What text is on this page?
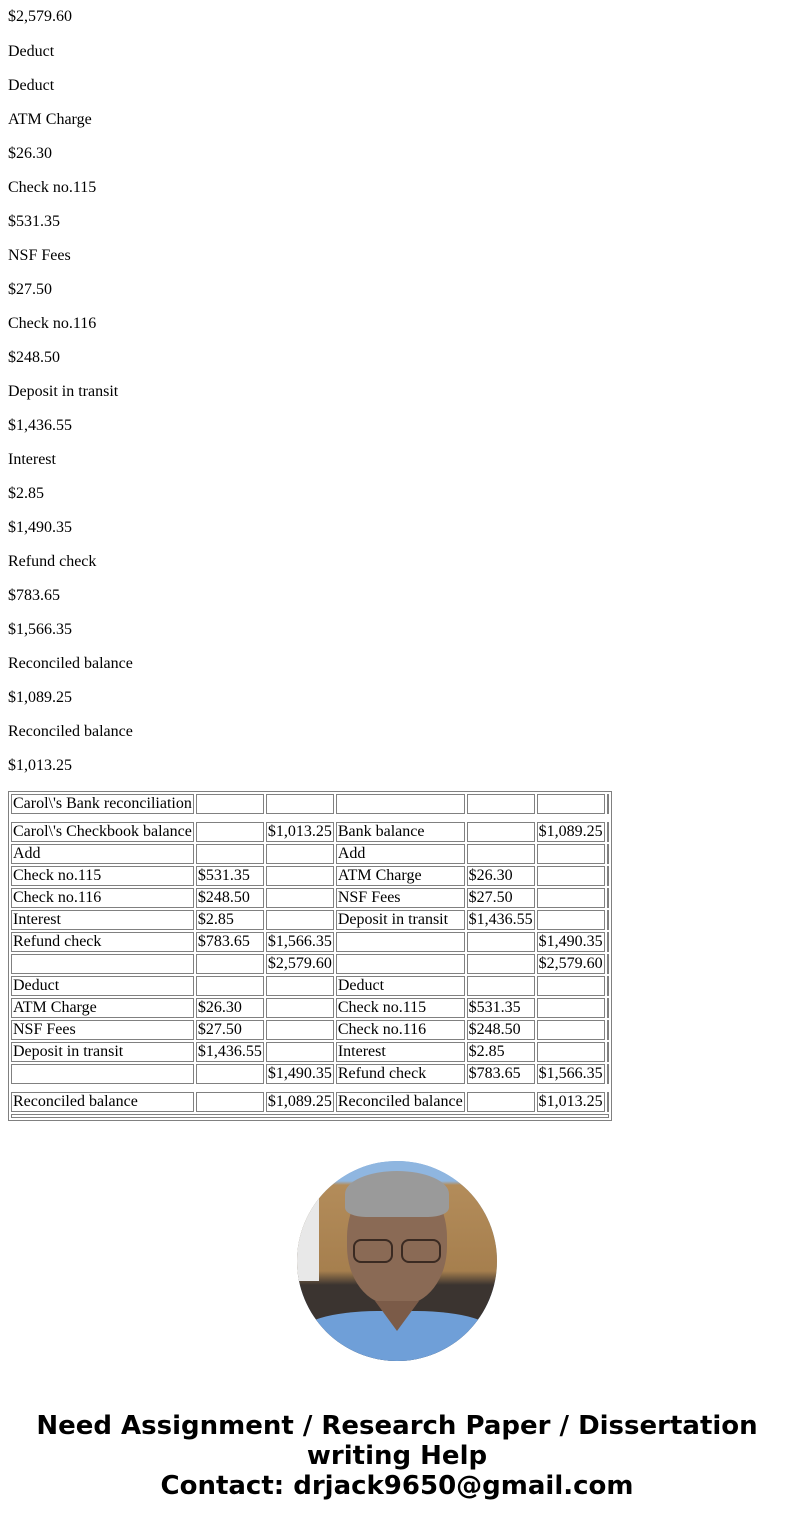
$2,579.60

Deduct

Deduct

ATM Charge

$26.30

Check no.115

$531.35

NSF Fees

$27.50

Check no.116

$248.50

Deposit in transit

$1,436.55

Interest

$2.85

$1,490.35

Refund check

$783.65

$1,566.35

Reconciled balance

$1,089.25

Reconciled balance

$1,013.25

Carol\'s Bank reconciliation						

Carol\'s Checkbook balance		$1,013.25	Bank balance		$1,089.25	
Add			Add			
Check no.115	$531.35		ATM Charge	$26.30		
Check no.116	$248.50		NSF Fees	$27.50		
Interest	$2.85		Deposit in transit	$1,436.55		
Refund check	$783.65	$1,566.35			$1,490.35	
		$2,579.60			$2,579.60	
Deduct			Deduct			
ATM Charge	$26.30		Check no.115	$531.35		
NSF Fees	$27.50		Check no.116	$248.50		
Deposit in transit	$1,436.55		Interest	$2.85		
		$1,490.35	Refund check	$783.65	$1,566.35	

Reconciled balance		$1,089.25	Reconciled balance		$1,013.25	

Need Assignment / Research Paper / Dissertation
writing Help
Contact: drjack9650@gmail.com
